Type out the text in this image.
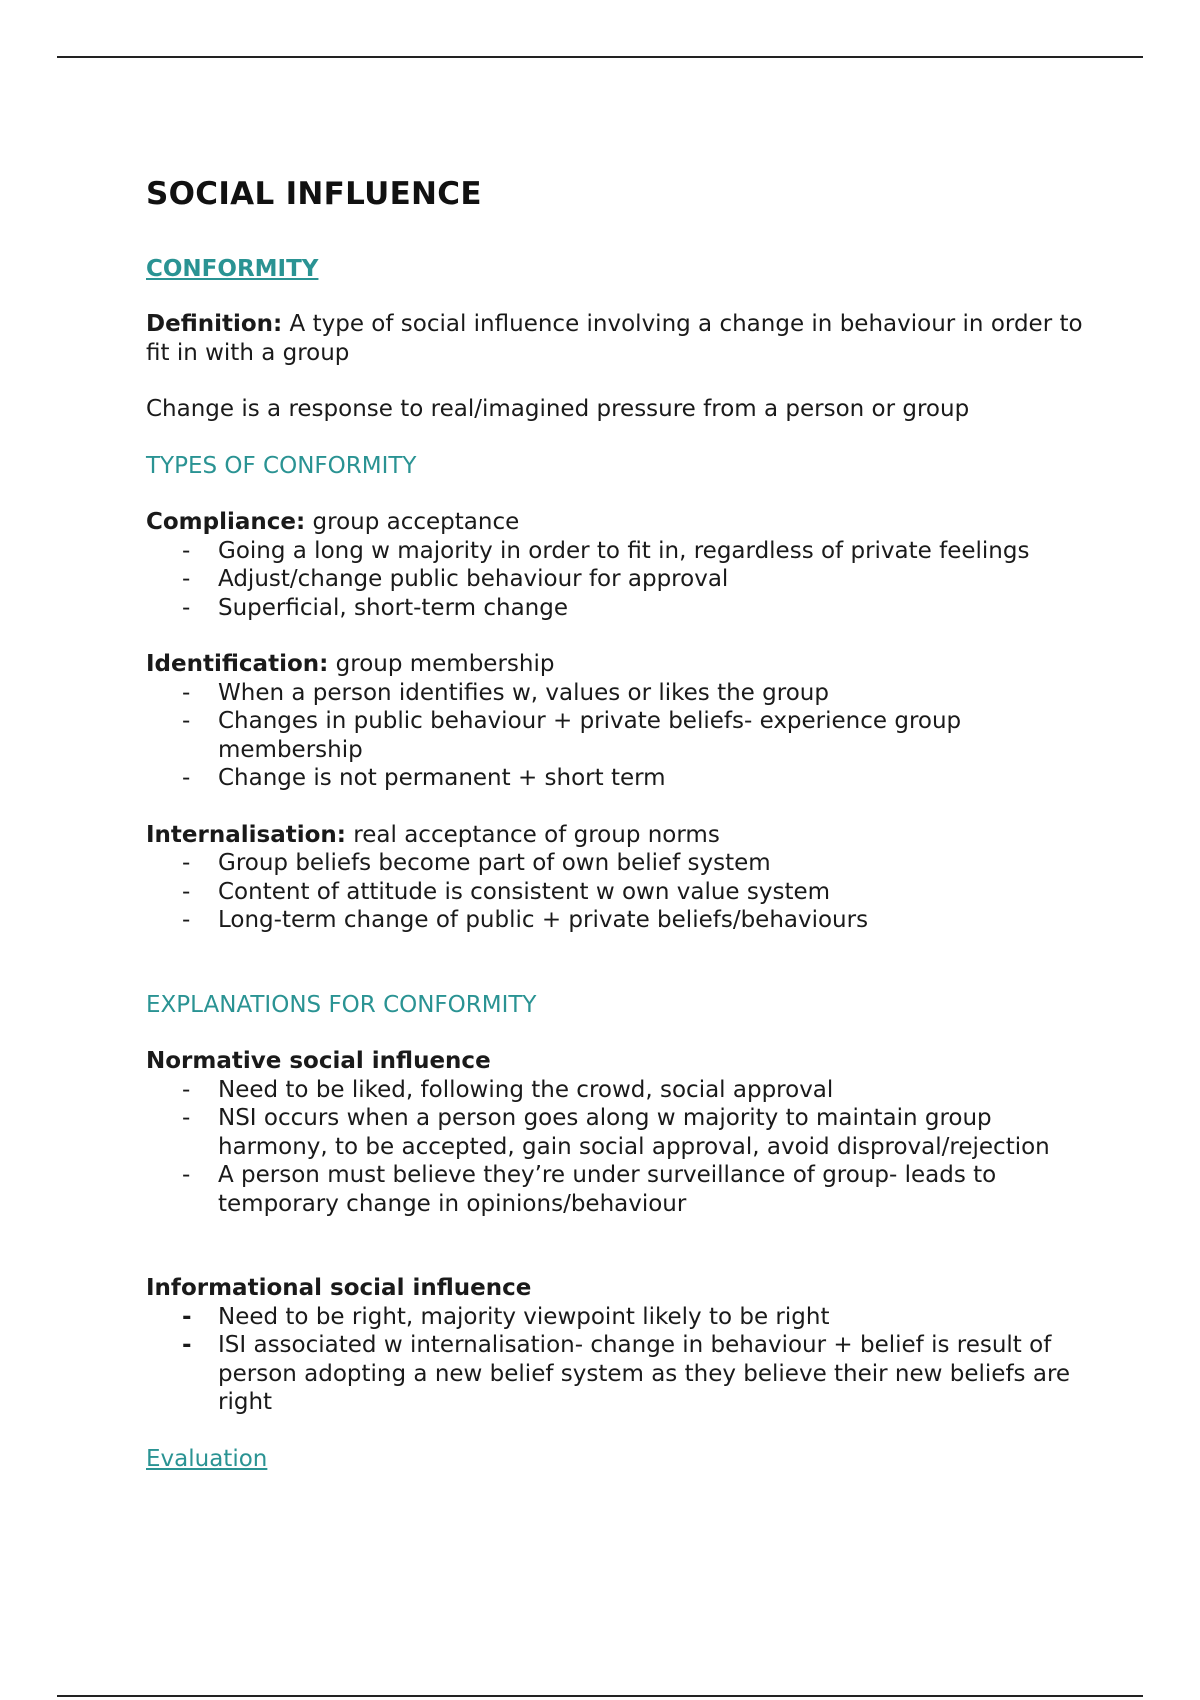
SOCIAL INFLUENCE
CONFORMITY

Definition: A type of social influence involving a change in behaviour in order to fit in with a group

Change is a response to real/imagined pressure from a person or group

TYPES OF CONFORMITY

Compliance: group acceptance

- Going a long w majority in order to fit in, regardless of private feelings
- Adjust/change public behaviour for approval
- Superficial, short-term change

Identification: group membership

- When a person identifies w, values or likes the group
- Changes in public behaviour + private beliefs- experience group membership
- Change is not permanent + short term

Internalisation: real acceptance of group norms

- Group beliefs become part of own belief system
- Content of attitude is consistent w own value system
- Long-term change of public + private beliefs/behaviours

EXPLANATIONS FOR CONFORMITY

Normative social influence

- Need to be liked, following the crowd, social approval
- NSI occurs when a person goes along w majority to maintain group harmony, to be accepted, gain social approval, avoid disproval/rejection
- A person must believe they’re under surveillance of group- leads to temporary change in opinions/behaviour

Informational social influence

- Need to be right, majority viewpoint likely to be right
- ISI associated w internalisation- change in behaviour + belief is result of person adopting a new belief system as they believe their new beliefs are right
Evaluation
